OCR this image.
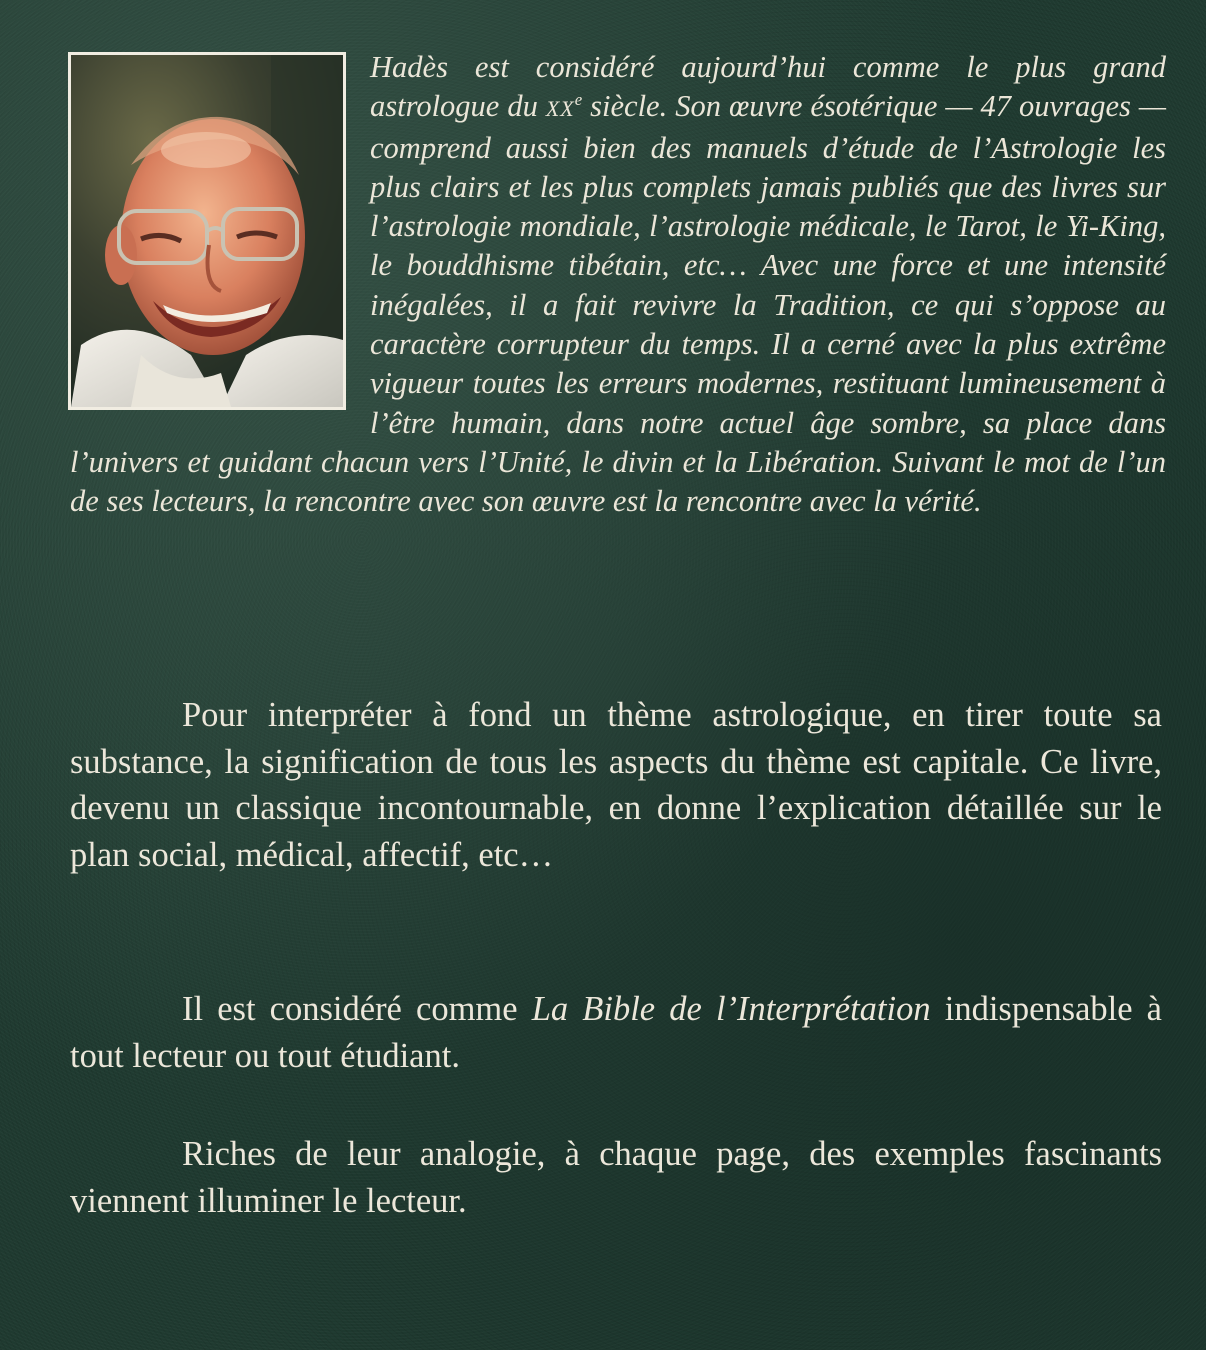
Hadès est considéré aujourd’hui comme le plus grand astrologue du XXe siècle. Son œuvre ésotérique — 47 ouvrages — comprend aussi bien des manuels d’étude de l’Astrologie les plus clairs et les plus complets jamais publiés que des livres sur l’astrologie mondiale, l’astrologie médicale, le Tarot, le Yi-King, le bouddhisme tibétain, etc… Avec une force et une intensité inégalées, il a fait revivre la Tradition, ce qui s’oppose au caractère corrupteur du temps. Il a cerné avec la plus extrême vigueur toutes les erreurs modernes, restituant lumineusement à l’être humain, dans notre actuel âge sombre, sa place dans l’univers et guidant chacun vers l’Unité, le divin et la Libération. Suivant le mot de l’un de ses lecteurs, la rencontre avec son œuvre est la rencontre avec la vérité.

Pour interpréter à fond un thème astrologique, en tirer toute sa substance, la signification de tous les aspects du thème est capitale. Ce livre, devenu un classique incontournable, en donne l’explication détaillée sur le plan social, médical, affectif, etc…

Il est considéré comme La Bible de l’Interprétation indispensable à tout lecteur ou tout étudiant.

Riches de leur analogie, à chaque page, des exemples fascinants viennent illuminer le lecteur.
